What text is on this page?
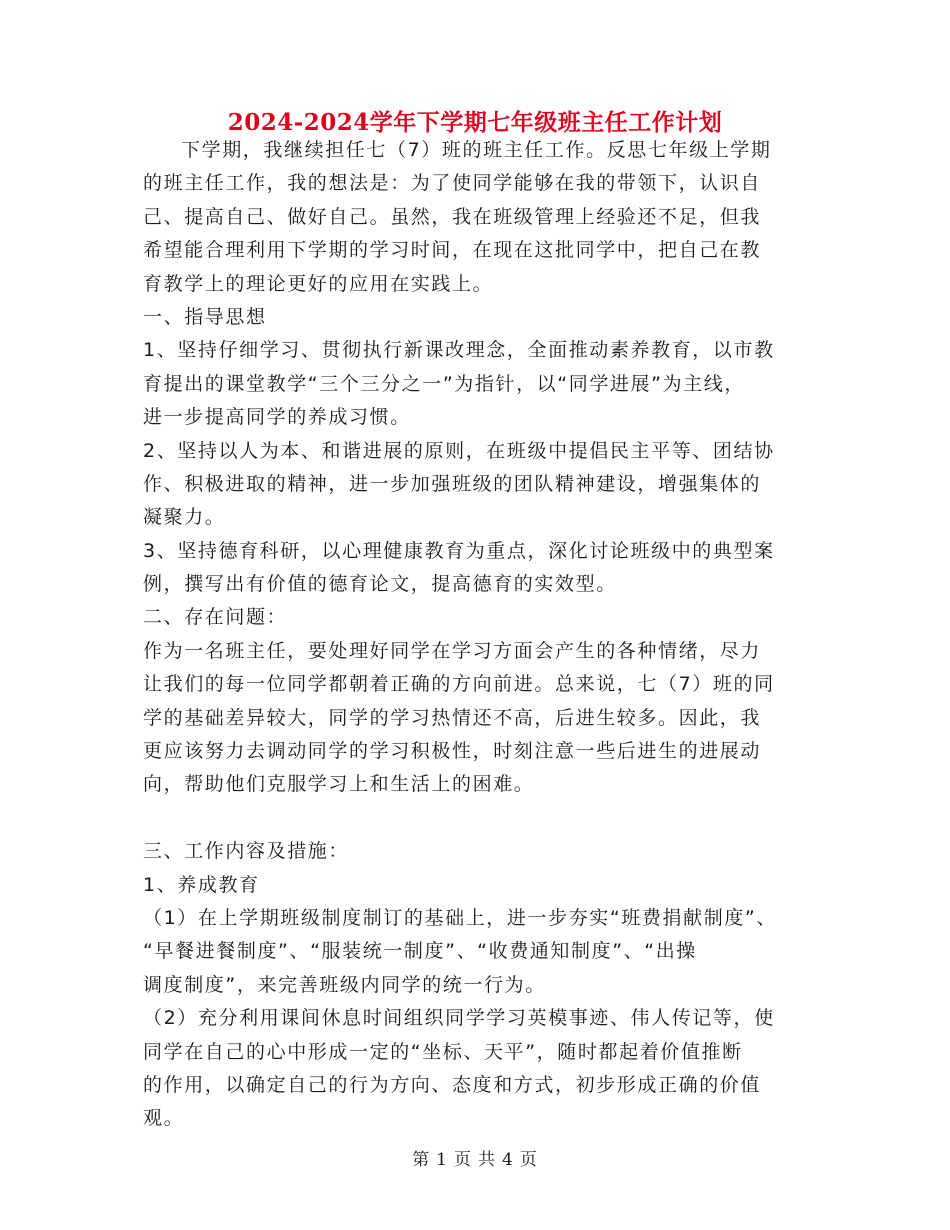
2024-2024学年下学期七年级班主任工作计划
下学期，我继续担任七（7）班的班主任工作。反思七年级上学期
的班主任工作，我的想法是：为了使同学能够在我的带领下，认识自
己、提高自己、做好自己。虽然，我在班级管理上经验还不足，但我
希望能合理利用下学期的学习时间，在现在这批同学中，把自己在教
育教学上的理论更好的应用在实践上。
一、指导思想
1、坚持仔细学习、贯彻执行新课改理念，全面推动素养教育，以市教
育提出的课堂教学“三个三分之一”为指针，以“同学进展”为主线，
进一步提高同学的养成习惯。
2、坚持以人为本、和谐进展的原则，在班级中提倡民主平等、团结协
作、积极进取的精神，进一步加强班级的团队精神建设，增强集体的
凝聚力。
3、坚持德育科研，以心理健康教育为重点，深化讨论班级中的典型案
例，撰写出有价值的德育论文，提高德育的实效型。
二、存在问题：
作为一名班主任，要处理好同学在学习方面会产生的各种情绪，尽力
让我们的每一位同学都朝着正确的方向前进。总来说，七（7）班的同
学的基础差异较大，同学的学习热情还不高，后进生较多。因此，我
更应该努力去调动同学的学习积极性，时刻注意一些后进生的进展动
向，帮助他们克服学习上和生活上的困难。
三、工作内容及措施：
1、养成教育
（1）在上学期班级制度制订的基础上，进一步夯实“班费捐献制度”、
“早餐进餐制度”、“服装统一制度”、“收费通知制度”、“出操
调度制度”，来完善班级内同学的统一行为。
（2）充分利用课间休息时间组织同学学习英模事迹、伟人传记等，使
同学在自己的心中形成一定的“坐标、天平”，随时都起着价值推断
的作用，以确定自己的行为方向、态度和方式，初步形成正确的价值
观。
第 1 页 共 4 页
